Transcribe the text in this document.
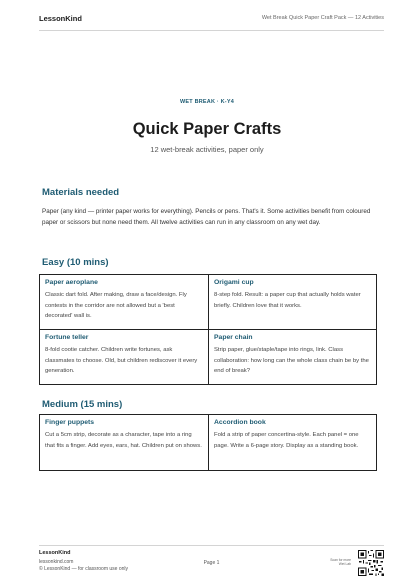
LessonKind	Wet Break Quick Paper Craft Pack — 12 Activities
WET BREAK · K-Y4
Quick Paper Crafts
12 wet-break activities, paper only
Materials needed
Paper (any kind — printer paper works for everything). Pencils or pens. That's it. Some activities benefit from coloured paper or scissors but none need them. All twelve activities can run in any classroom on any wet day.
Easy (10 mins)
Paper aeroplane
Classic dart fold. After making, draw a face/design. Fly contests in the corridor are not allowed but a 'best decorated' wall is.
Origami cup
8-step fold. Result: a paper cup that actually holds water briefly. Children love that it works.
Fortune teller
8-fold cootie catcher. Children write fortunes, ask classmates to choose. Old, but children rediscover it every generation.
Paper chain
Strip paper, glue/staple/tape into rings, link. Class collaboration: how long can the whole class chain be by the end of break?
Medium (15 mins)
Finger puppets
Cut a 5cm strip, decorate as a character, tape into a ring that fits a finger. Add eyes, ears, hat. Children put on shows.
Accordion book
Fold a strip of paper concertina-style. Each panel = one page. Write a 6-page story. Display as a standing book.
LessonKind
lessonkind.com
© LessonKind — for classroom use only
Page 1	Scan for more Wet Lab
